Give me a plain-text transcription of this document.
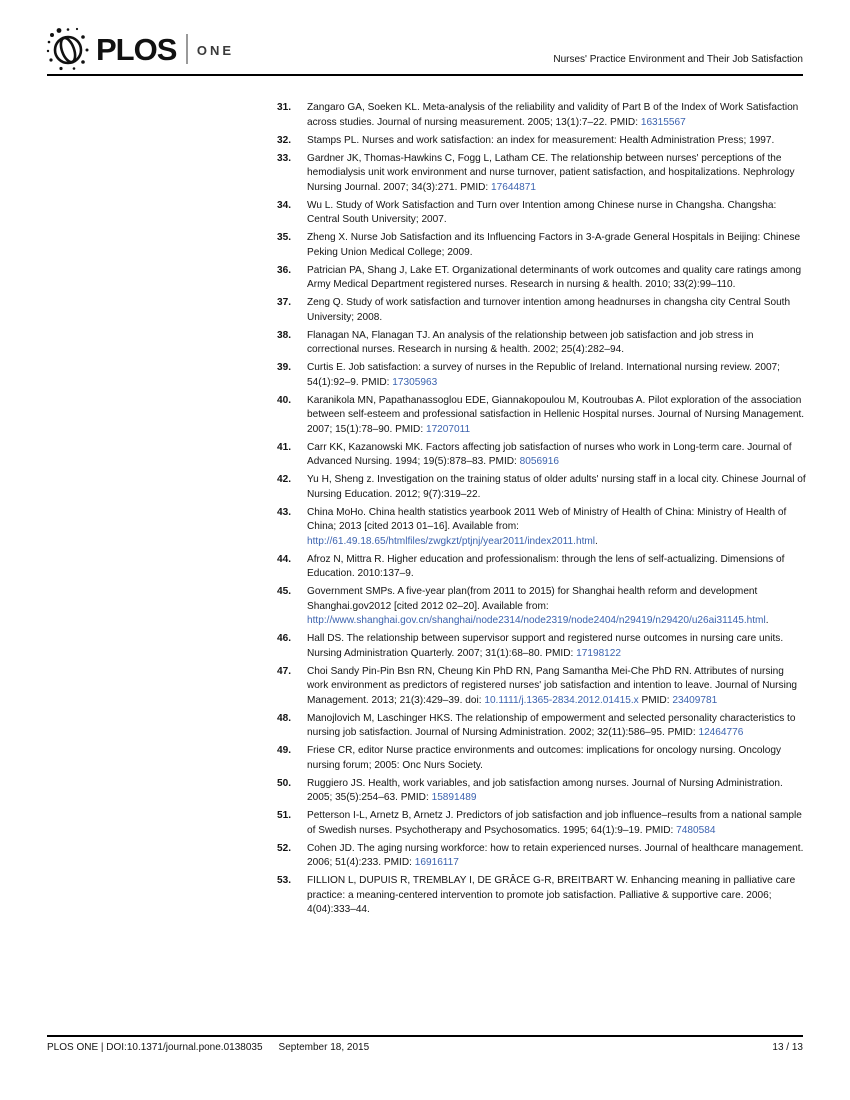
PLOS ONE
Nurses' Practice Environment and Their Job Satisfaction
31.	Zangaro GA, Soeken KL. Meta-analysis of the reliability and validity of Part B of the Index of Work Satisfaction across studies. Journal of nursing measurement. 2005; 13(1):7–22. PMID: 16315567
32.	Stamps PL. Nurses and work satisfaction: an index for measurement: Health Administration Press; 1997.
33.	Gardner JK, Thomas-Hawkins C, Fogg L, Latham CE. The relationship between nurses' perceptions of the hemodialysis unit work environment and nurse turnover, patient satisfaction, and hospitalizations. Nephrology Nursing Journal. 2007; 34(3):271. PMID: 17644871
34.	Wu L. Study of Work Satisfaction and Turn over Intention among Chinese nurse in Changsha. Changsha: Central South University; 2007.
35.	Zheng X. Nurse Job Satisfaction and its Influencing Factors in 3-A-grade General Hospitals in Beijing: Chinese Peking Union Medical College; 2009.
36.	Patrician PA, Shang J, Lake ET. Organizational determinants of work outcomes and quality care ratings among Army Medical Department registered nurses. Research in nursing & health. 2010; 33(2):99–110.
37.	Zeng Q. Study of work satisfaction and turnover intention among headnurses in changsha city Central South University; 2008.
38.	Flanagan NA, Flanagan TJ. An analysis of the relationship between job satisfaction and job stress in correctional nurses. Research in nursing & health. 2002; 25(4):282–94.
39.	Curtis E. Job satisfaction: a survey of nurses in the Republic of Ireland. International nursing review. 2007; 54(1):92–9. PMID: 17305963
40.	Karanikola MN, Papathanassoglou EDE, Giannakopoulou M, Koutroubas A. Pilot exploration of the association between self-esteem and professional satisfaction in Hellenic Hospital nurses. Journal of Nursing Management. 2007; 15(1):78–90. PMID: 17207011
41.	Carr KK, Kazanowski MK. Factors affecting job satisfaction of nurses who work in Long-term care. Journal of Advanced Nursing. 1994; 19(5):878–83. PMID: 8056916
42.	Yu H, Sheng z. Investigation on the training status of older adults' nursing staff in a local city. Chinese Journal of Nursing Education. 2012; 9(7):319–22.
43.	China MoHo. China health statistics yearbook 2011 Web of Ministry of Health of China: Ministry of Health of China; 2013 [cited 2013 01–16]. Available from: http://61.49.18.65/htmlfiles/zwgkzt/ptjnj/year2011/index2011.html.
44.	Afroz N, Mittra R. Higher education and professionalism: through the lens of self-actualizing. Dimensions of Education. 2010:137–9.
45.	Government SMPs. A five-year plan(from 2011 to 2015) for Shanghai health reform and development Shanghai.gov2012 [cited 2012 02–20]. Available from: http://www.shanghai.gov.cn/shanghai/node2314/node2319/node2404/n29419/n29420/u26ai31145.html.
46.	Hall DS. The relationship between supervisor support and registered nurse outcomes in nursing care units. Nursing Administration Quarterly. 2007; 31(1):68–80. PMID: 17198122
47.	Choi Sandy Pin-Pin Bsn RN, Cheung Kin PhD RN, Pang Samantha Mei-Che PhD RN. Attributes of nursing work environment as predictors of registered nurses' job satisfaction and intention to leave. Journal of Nursing Management. 2013; 21(3):429–39. doi: 10.1111/j.1365-2834.2012.01415.x PMID: 23409781
48.	Manojlovich M, Laschinger HKS. The relationship of empowerment and selected personality characteristics to nursing job satisfaction. Journal of Nursing Administration. 2002; 32(11):586–95. PMID: 12464776
49.	Friese CR, editor Nurse practice environments and outcomes: implications for oncology nursing. Oncology nursing forum; 2005: Onc Nurs Society.
50.	Ruggiero JS. Health, work variables, and job satisfaction among nurses. Journal of Nursing Administration. 2005; 35(5):254–63. PMID: 15891489
51.	Petterson I-L, Arnetz B, Arnetz J. Predictors of job satisfaction and job influence–results from a national sample of Swedish nurses. Psychotherapy and Psychosomatics. 1995; 64(1):9–19. PMID: 7480584
52.	Cohen JD. The aging nursing workforce: how to retain experienced nurses. Journal of healthcare management. 2006; 51(4):233. PMID: 16916117
53.	FILLION L, DUPUIS R, TREMBLAY I, DE GRÂCE G-R, BREITBART W. Enhancing meaning in palliative care practice: a meaning-centered intervention to promote job satisfaction. Palliative & supportive care. 2006; 4(04):333–44.
PLOS ONE | DOI:10.1371/journal.pone.0138035 September 18, 2015	13 / 13
